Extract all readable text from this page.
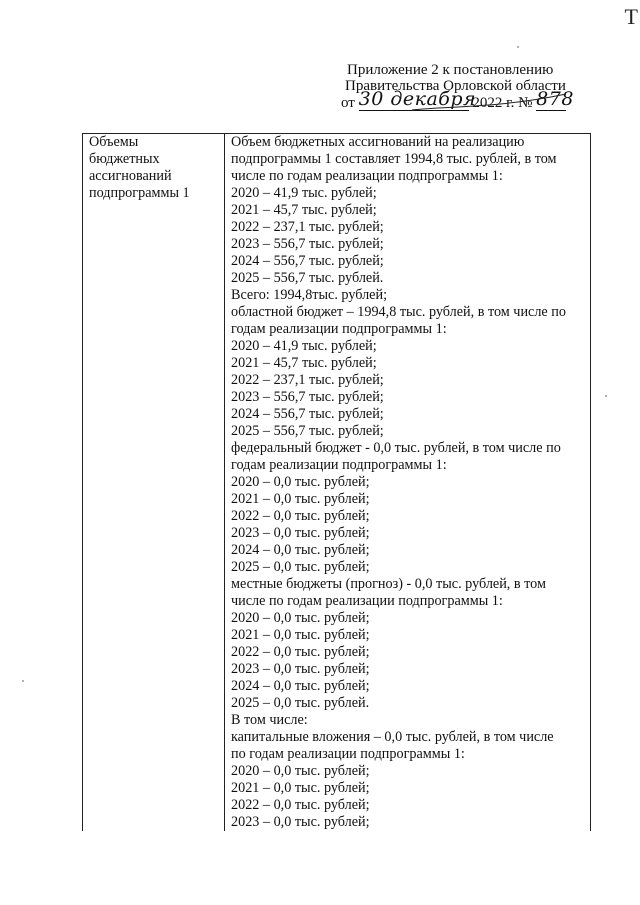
T
Приложение 2 к постановлению
Правительства Орловской области
от 30 декабря 2022 г. № 878
Объемы
бюджетных
ассигнований
подпрограммы 1

Объем бюджетных ассигнований на реализацию
подпрограммы 1 составляет 1994,8 тыс. рублей, в том
числе по годам реализации подпрограммы 1:
2020 – 41,9 тыс. рублей;
2021 – 45,7 тыс. рублей;
2022 – 237,1 тыс. рублей;
2023 – 556,7 тыс. рублей;
2024 – 556,7 тыс. рублей;
2025 – 556,7 тыс. рублей.
Всего: 1994,8тыс. рублей;
областной бюджет – 1994,8 тыс. рублей, в том числе по
годам реализации подпрограммы 1:
2020 – 41,9 тыс. рублей;
2021 – 45,7 тыс. рублей;
2022 – 237,1 тыс. рублей;
2023 – 556,7 тыс. рублей;
2024 – 556,7 тыс. рублей;
2025 – 556,7 тыс. рублей;
федеральный бюджет - 0,0 тыс. рублей, в том числе по
годам реализации подпрограммы 1:
2020 – 0,0 тыс. рублей;
2021 – 0,0 тыс. рублей;
2022 – 0,0 тыс. рублей;
2023 – 0,0 тыс. рублей;
2024 – 0,0 тыс. рублей;
2025 – 0,0 тыс. рублей;
местные бюджеты (прогноз) - 0,0 тыс. рублей, в том
числе по годам реализации подпрограммы 1:
2020 – 0,0 тыс. рублей;
2021 – 0,0 тыс. рублей;
2022 – 0,0 тыс. рублей;
2023 – 0,0 тыс. рублей;
2024 – 0,0 тыс. рублей;
2025 – 0,0 тыс. рублей.
В том числе:
капитальные вложения – 0,0 тыс. рублей, в том числе
по годам реализации подпрограммы 1:
2020 – 0,0 тыс. рублей;
2021 – 0,0 тыс. рублей;
2022 – 0,0 тыс. рублей;
2023 – 0,0 тыс. рублей;
